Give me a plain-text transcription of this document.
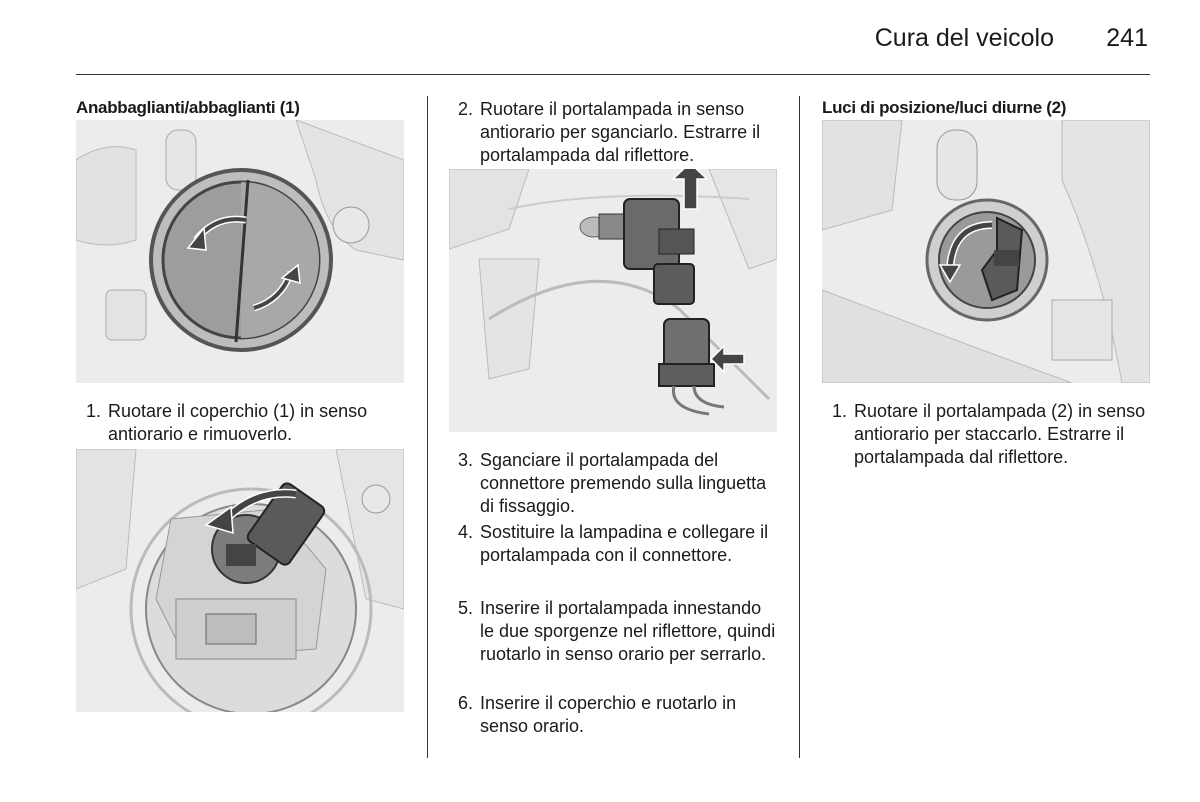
Cura del veicolo 241
Anabbaglianti/abbaglianti (1)
1. Ruotare il coperchio (1) in senso antiorario e rimuoverlo.
2. Ruotare il portalampada in senso antiorario per sganciarlo. Estrarre il portalampada dal riflettore.
3. Sganciare il portalampada del connettore premendo sulla linguetta di fissaggio.
4. Sostituire la lampadina e collegare il portalampada con il connettore.
5. Inserire il portalampada innestando le due sporgenze nel riflettore, quindi ruotarlo in senso orario per serrarlo.
6. Inserire il coperchio e ruotarlo in senso orario.
Luci di posizione/luci diurne (2)
1. Ruotare il portalampada (2) in senso antiorario per staccarlo. Estrarre il portalampada dal riflettore.
